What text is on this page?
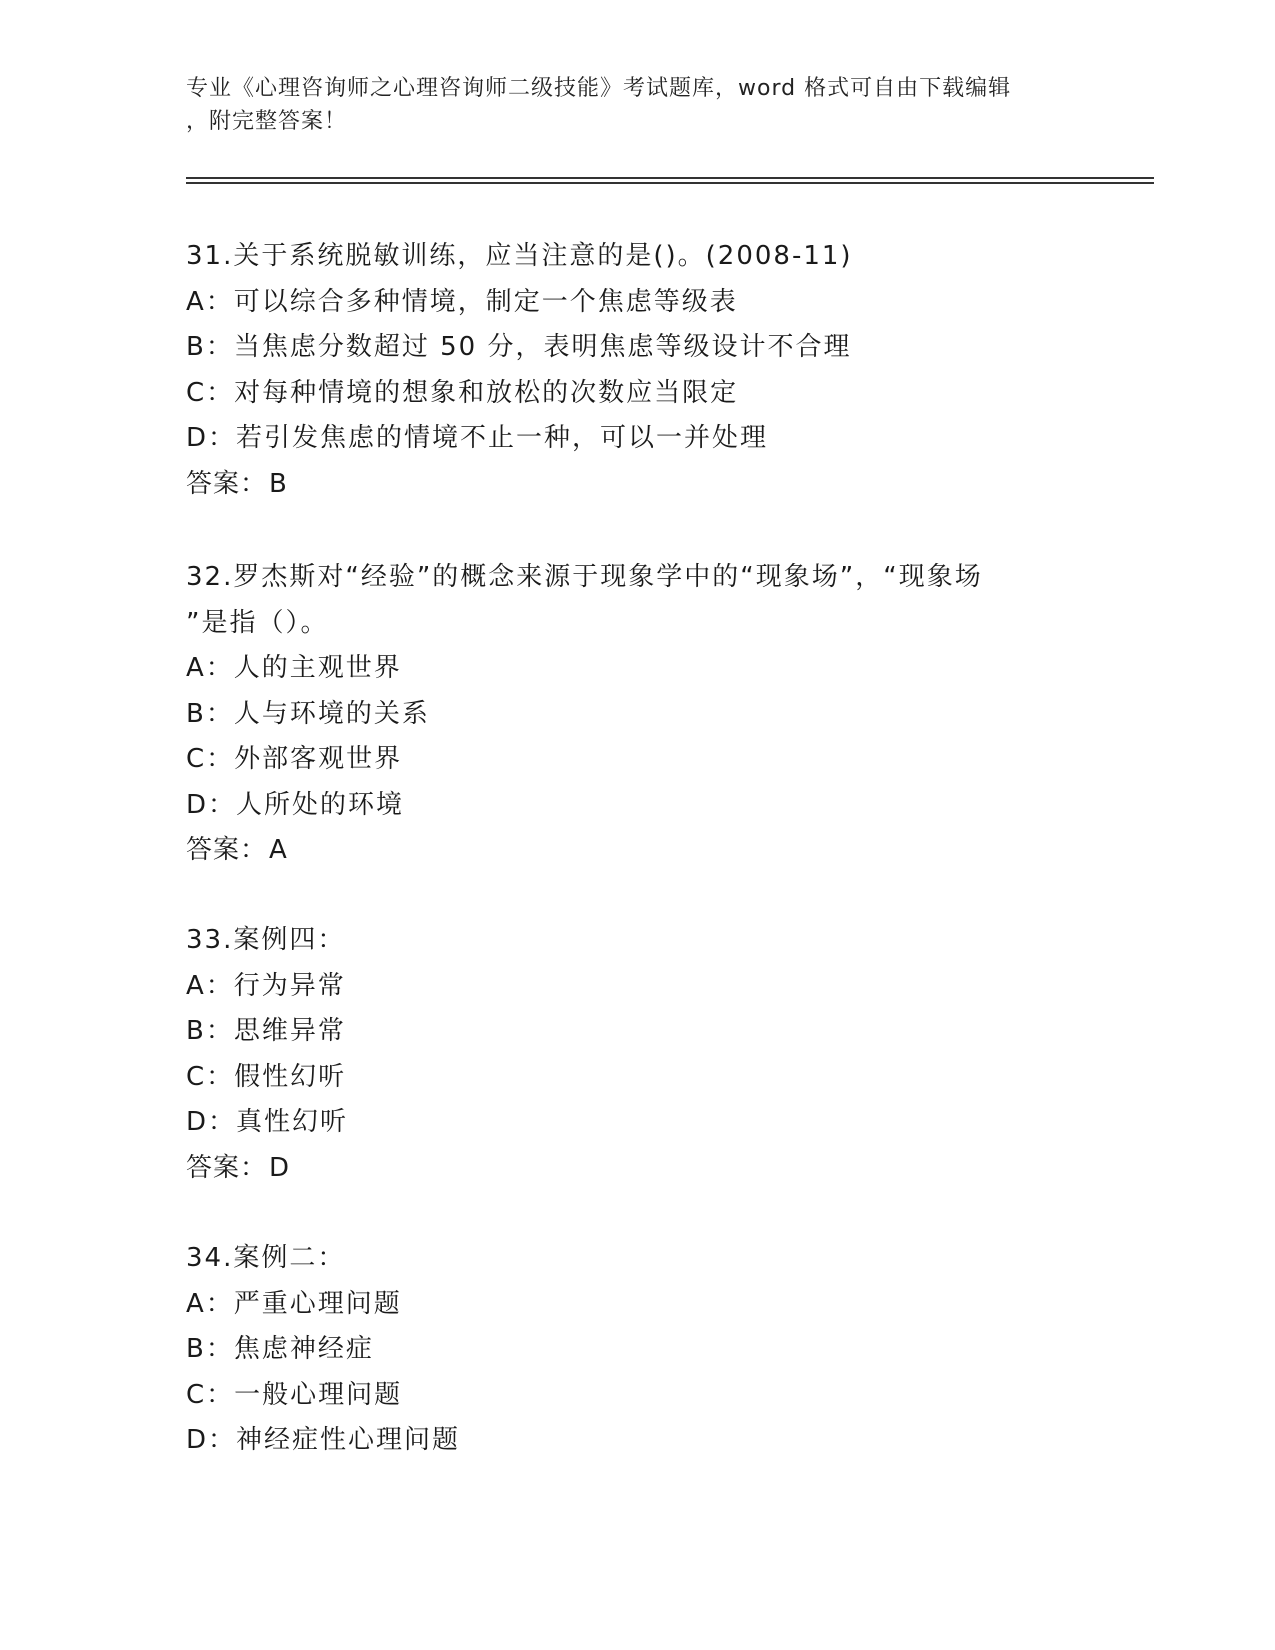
专业《心理咨询师之心理咨询师二级技能》考试题库，word 格式可自由下载编辑

，附完整答案！
31.关于系统脱敏训练，应当注意的是()。(2008-11)
A：可以综合多种情境，制定一个焦虑等级表
B：当焦虑分数超过 50 分，表明焦虑等级设计不合理
C：对每种情境的想象和放松的次数应当限定
D：若引发焦虑的情境不止一种，可以一并处理
答案：B
32.罗杰斯对“经验”的概念来源于现象学中的“现象场”，“现象场
”是指（）。
A：人的主观世界
B：人与环境的关系
C：外部客观世界
D：人所处的环境
答案：A
33.案例四：
A：行为异常
B：思维异常
C：假性幻听
D：真性幻听
答案：D
34.案例二：
A：严重心理问题
B：焦虑神经症
C：一般心理问题
D：神经症性心理问题
